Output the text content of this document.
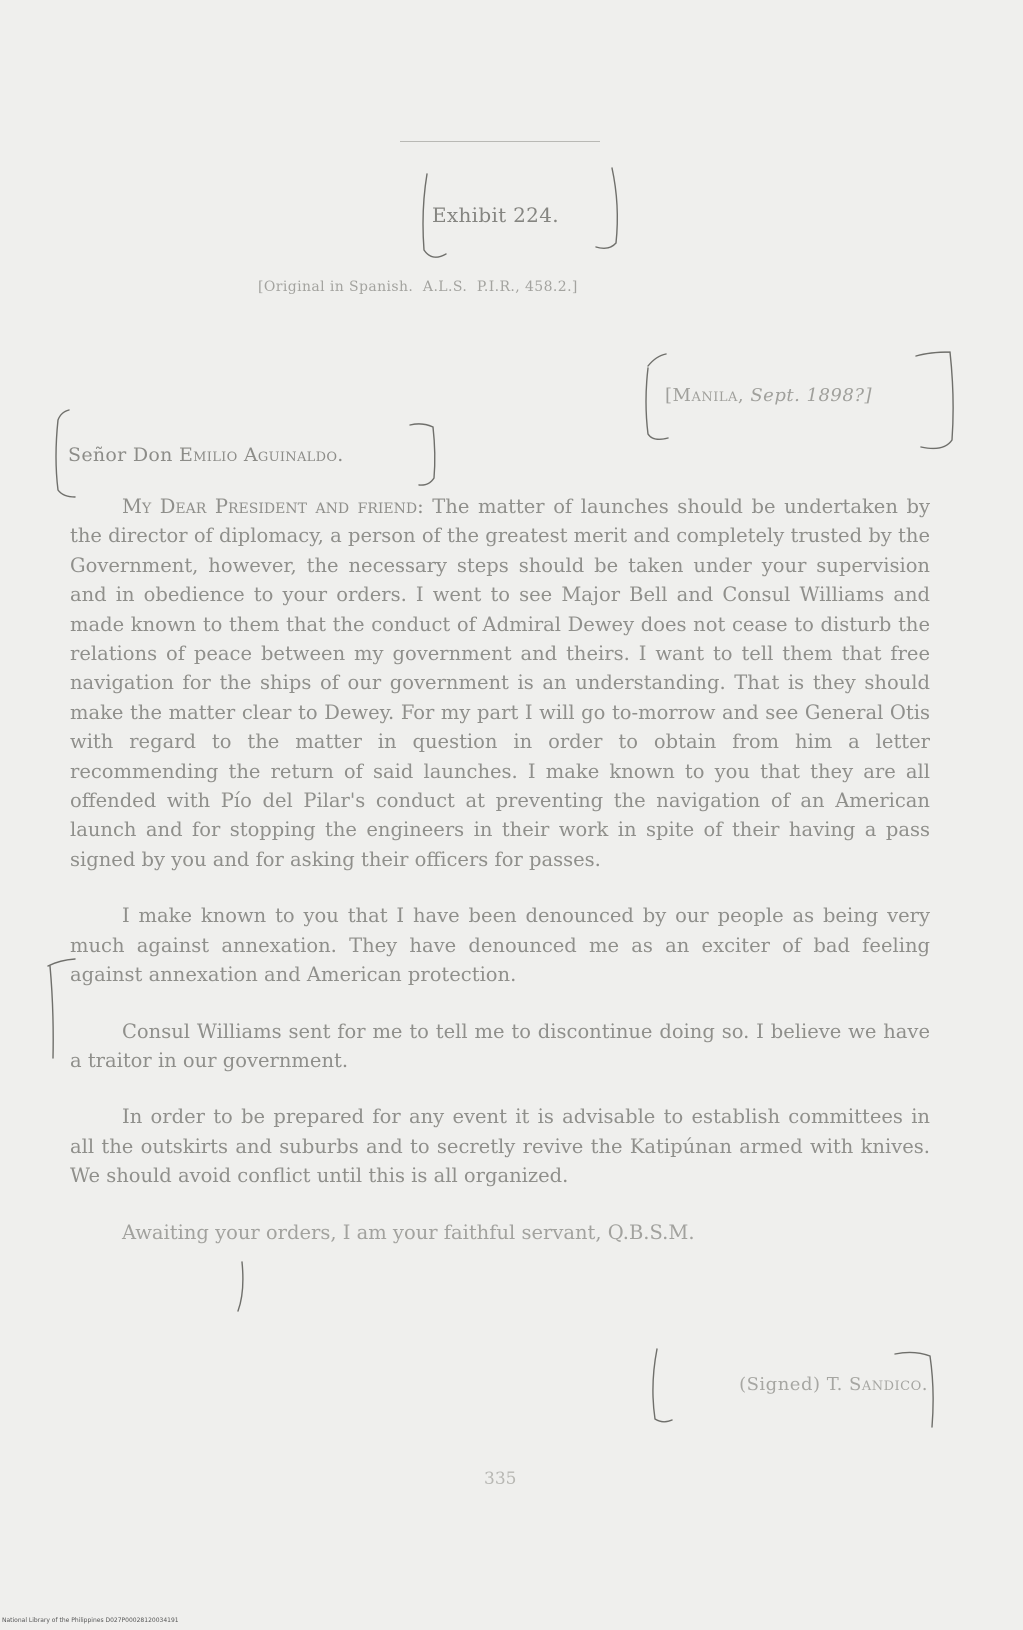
Exhibit 224.
[Original in Spanish.  A.L.S.  P.I.R., 458.2.]
[Manila, Sept. 1898?]
Señor Don Emilio Aguinaldo.

My Dear President and friend: The matter of launches should be undertaken by the director of diplomacy, a person of the greatest merit and completely trusted by the Government, however, the necessary steps should be taken under your supervision and in obedience to your orders. I went to see Major Bell and Consul Williams and made known to them that the conduct of Admiral Dewey does not cease to disturb the relations of peace between my government and theirs. I want to tell them that free navigation for the ships of our government is an understanding. That is they should make the matter clear to Dewey. For my part I will go to-morrow and see General Otis with regard to the matter in question in order to obtain from him a letter recommending the return of said launches. I make known to you that they are all offended with Pío del Pilar's conduct at preventing the navigation of an American launch and for stopping the engineers in their work in spite of their having a pass signed by you and for asking their officers for passes.

I make known to you that I have been denounced by our people as being very much against annexation. They have denounced me as an exciter of bad feeling against annexation and American protection.

Consul Williams sent for me to tell me to discontinue doing so. I believe we have a traitor in our government.

In order to be prepared for any event it is advisable to establish committees in all the outskirts and suburbs and to secretly revive the Katipúnan armed with knives. We should avoid conflict until this is all organized.

Awaiting your orders, I am your faithful servant, Q.B.S.M.

(Signed) T. Sandico.
335
National Library of the Philippines D027P00028120034191
